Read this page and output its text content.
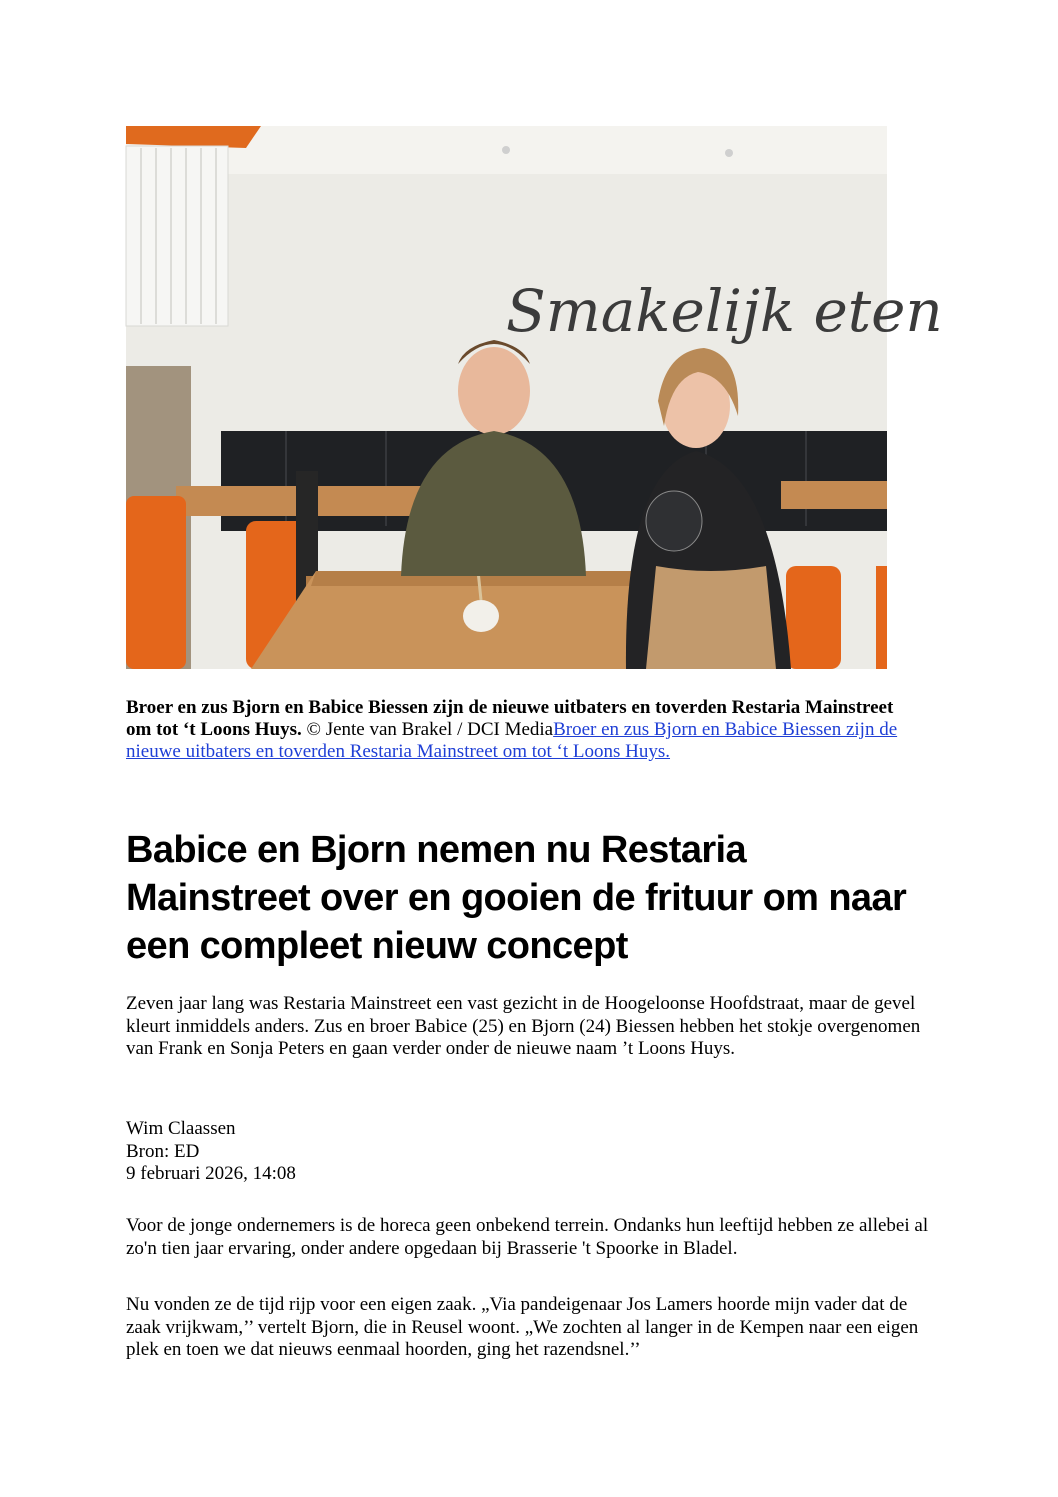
Smakelijk eten
Broer en zus Bjorn en Babice Biessen zijn de nieuwe uitbaters en toverden Restaria Mainstreet om tot ‘t Loons Huys. © Jente van Brakel / DCI MediaBroer en zus Bjorn en Babice Biessen zijn de nieuwe uitbaters en toverden Restaria Mainstreet om tot ‘t Loons Huys.
Babice en Bjorn nemen nu Restaria Mainstreet over en gooien de frituur om naar een compleet nieuw concept

Zeven jaar lang was Restaria Mainstreet een vast gezicht in de Hoogeloonse Hoofdstraat, maar de gevel kleurt inmiddels anders. Zus en broer Babice (25) en Bjorn (24) Biessen hebben het stokje overgenomen van Frank en Sonja Peters en gaan verder onder de nieuwe naam ’t Loons Huys.

Wim Claassen
Bron: ED
9 februari 2026, 14:08

Voor de jonge ondernemers is de horeca geen onbekend terrein. Ondanks hun leeftijd hebben ze allebei al zo'n tien jaar ervaring, onder andere opgedaan bij Brasserie 't Spoorke in Bladel.

Nu vonden ze de tijd rijp voor een eigen zaak. „Via pandeigenaar Jos Lamers hoorde mijn vader dat de zaak vrijkwam,’’ vertelt Bjorn, die in Reusel woont. „We zochten al langer in de Kempen naar een eigen plek en toen we dat nieuws eenmaal hoorden, ging het razendsnel.’’
